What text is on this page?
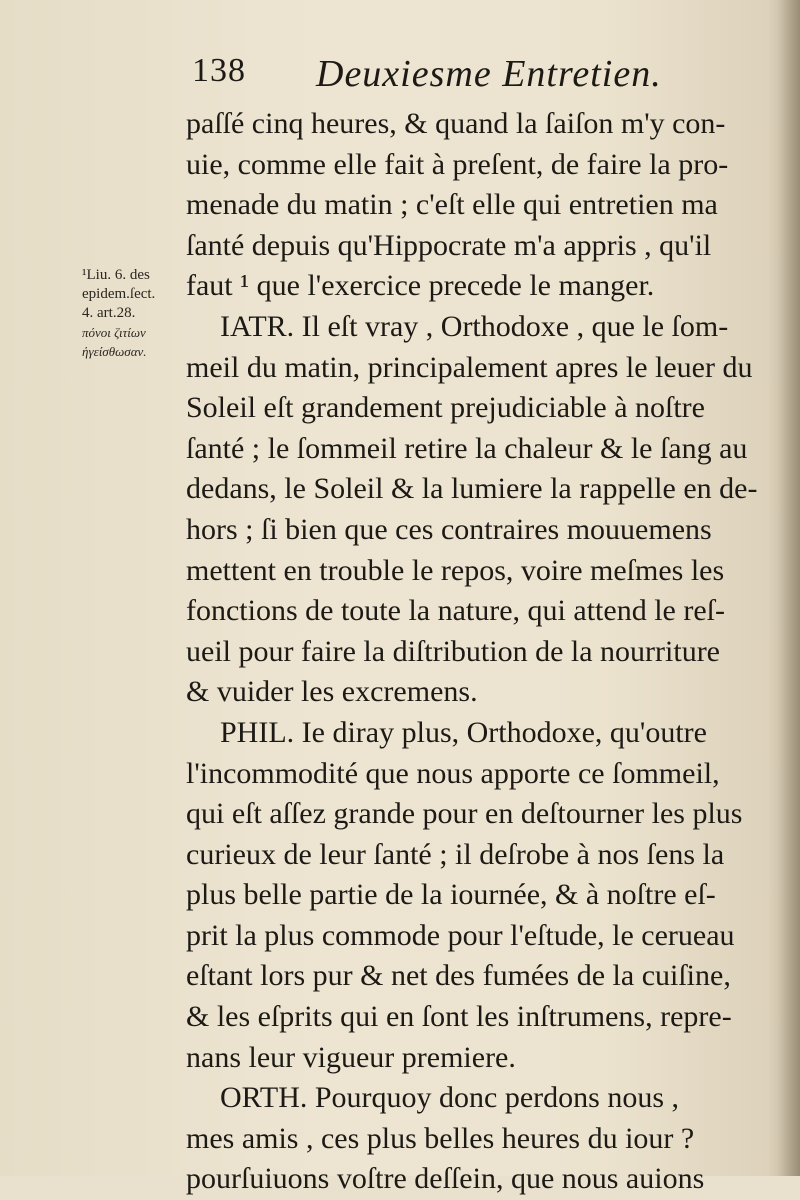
138 Deuxiesme Entretien.
¹Liu. 6. des
epidem.ſect.
4. art.28.
πόνοι ζιτίων
ἡγείσθωσαν.
paſſé cinq heures, & quand la ſaiſon m'y con-
uie, comme elle fait à preſent, de faire la pro-
menade du matin ; c'eſt elle qui entretien ma
ſanté depuis qu'Hippocrate m'a appris , qu'il
faut ¹ que l'exercice precede le manger.
IATR. Il eſt vray , Orthodoxe , que le ſom-
meil du matin, principalement apres le leuer du
Soleil eſt grandement prejudiciable à noſtre
ſanté ; le ſommeil retire la chaleur & le ſang au
dedans, le Soleil & la lumiere la rappelle en de-
hors ; ſi bien que ces contraires mouuemens
mettent en trouble le repos, voire meſmes les
fonctions de toute la nature, qui attend le reſ-
ueil pour faire la diſtribution de la nourriture
& vuider les excremens.
PHIL. Ie diray plus, Orthodoxe, qu'outre
l'incommodité que nous apporte ce ſommeil,
qui eſt aſſez grande pour en deſtourner les plus
curieux de leur ſanté ; il deſrobe à nos ſens la
plus belle partie de la iournée, & à noſtre eſ-
prit la plus commode pour l'eſtude, le cerueau
eſtant lors pur & net des fumées de la cuiſine,
& les eſprits qui en ſont les inſtrumens, repre-
nans leur vigueur premiere.
ORTH. Pourquoy donc perdons nous ,
mes amis , ces plus belles heures du iour ?
pourſuiuons voſtre deſſein, que nous auions
